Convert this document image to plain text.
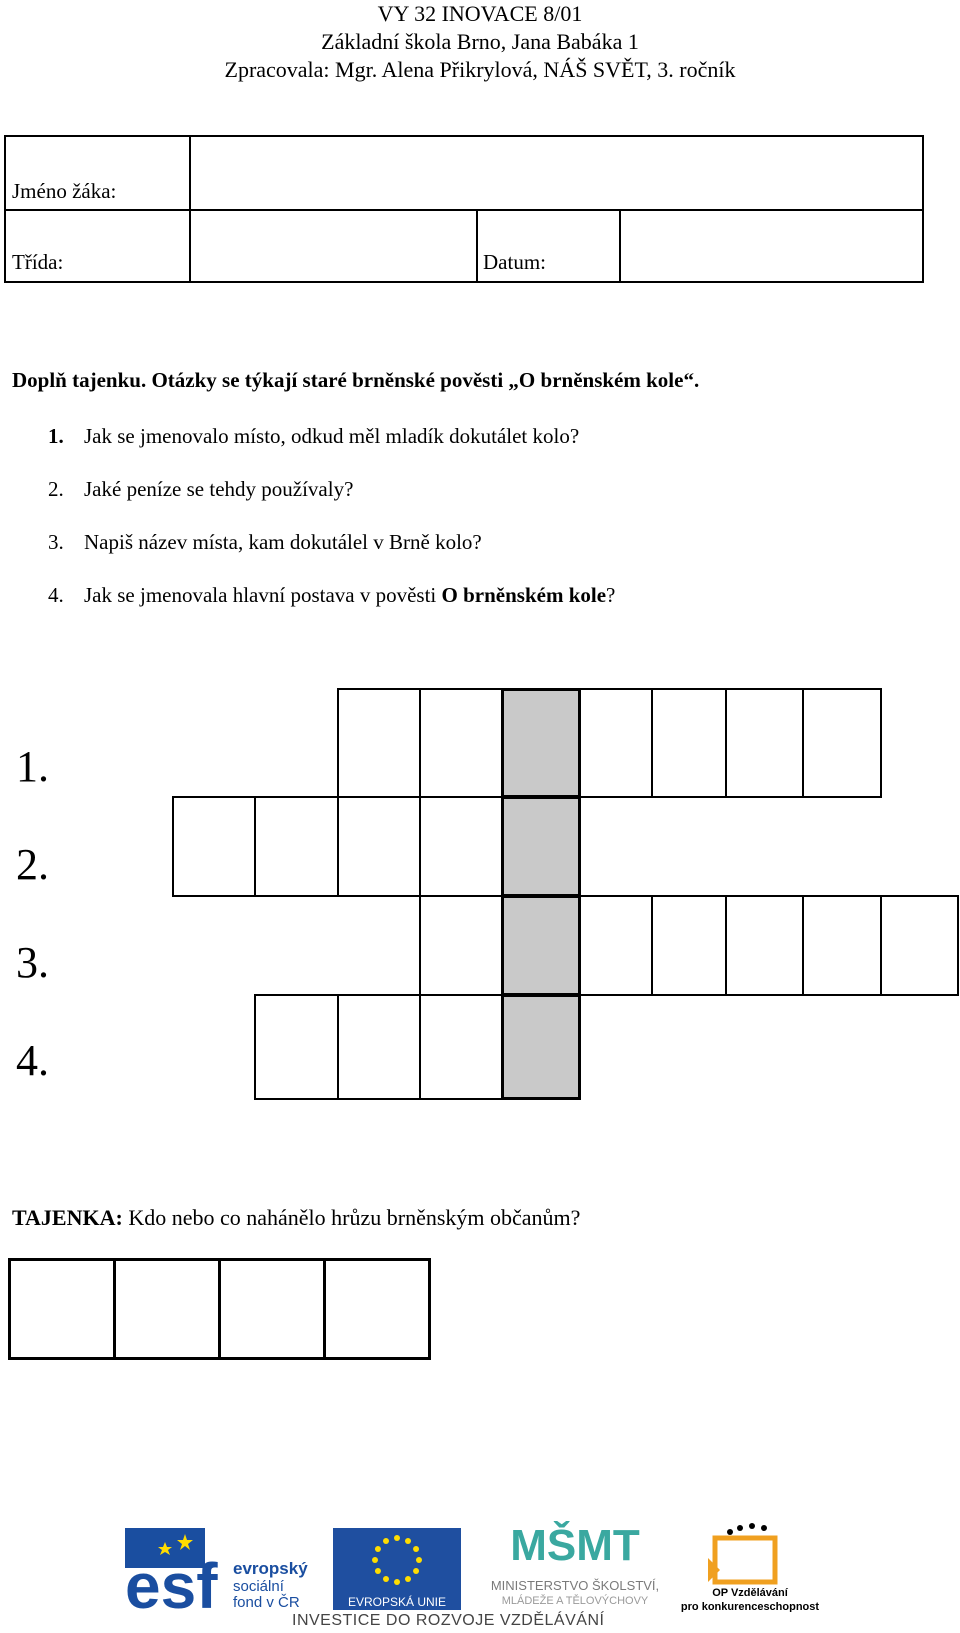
VY 32 INOVACE 8/01
Základní škola Brno, Jana Babáka 1
Zpracovala: Mgr. Alena Přikrylová, NÁŠ SVĚT, 3. ročník
Jméno žáka:
Třída:	Datum:
Doplň tajenku. Otázky se týkají staré brněnské pověsti „O brněnském kole“.
1. Jak se jmenovalo místo, odkud měl mladík dokutálet kolo?
2. Jaké peníze se tehdy používaly?
3. Napiš název místa, kam dokutálel v Brně kolo?
4. Jak se jmenovala hlavní postava v pověsti O brněnském kole?
1.
2.
3.
4.
TAJENKA: Kdo nebo co nahánělo hrůzu brněnským občanům?
esf evropský
sociální
fond v ČR	EVROPSKÁ UNIE
MŠMT
MINISTERSTVO ŠKOLSTVÍ,
MLÁDEŽE A TĚLOVÝCHOVY
OP Vzdělávání
pro konkurenceschopnost
INVESTICE DO ROZVOJE VZDĚLÁVÁNÍ
